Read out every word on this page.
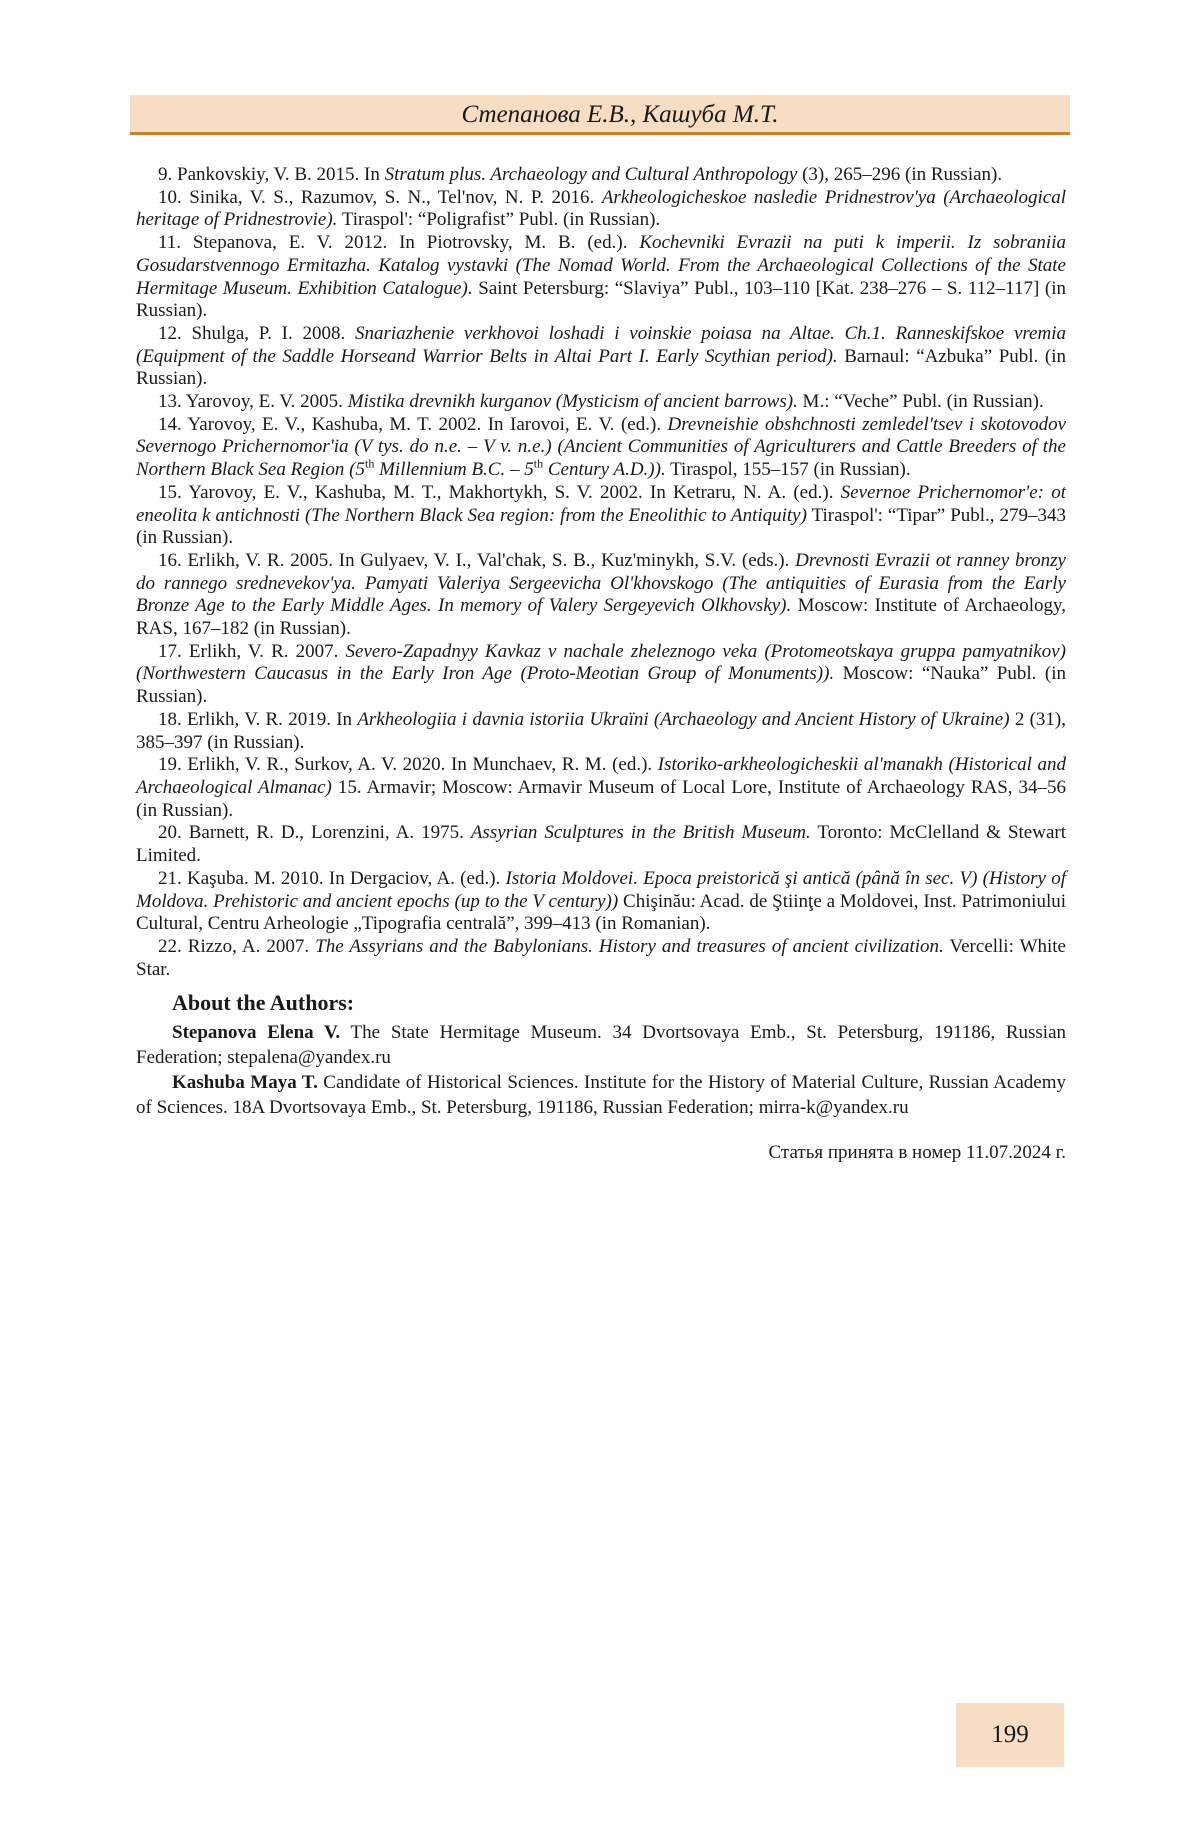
Степанова Е.В., Кашуба М.Т.

9. Pankovskiy, V. B. 2015. In Stratum plus. Archaeology and Cultural Anthropology (3), 265–296 (in Russian).

10. Sinika, V. S., Razumov, S. N., Tel'nov, N. P. 2016. Arkheologicheskoe nasledie Pridnestrov'ya (Archaeological heritage of Pridnestrovie). Tiraspol': “Poligrafist” Publ. (in Russian).

11. Stepanova, E. V. 2012. In Piotrovsky, M. B. (ed.). Kochevniki Evrazii na puti k imperii. Iz sobraniia Gosudarstvennogo Ermitazha. Katalog vystavki (The Nomad World. From the Archaeological Collections of the State Hermitage Museum. Exhibition Catalogue). Saint Petersburg: “Slaviya” Publ., 103–110 [Kat. 238–276 – S. 112–117] (in Russian).

12. Shulga, P. I. 2008. Snariazhenie verkhovoi loshadi i voinskie poiasa na Altae. Ch.1. Ranneskifskoe vremia (Equipment of the Saddle Horseand Warrior Belts in Altai Part I. Early Scythian period). Barnaul: “Azbuka” Publ. (in Russian).

13. Yarovoy, E. V. 2005. Mistika drevnikh kurganov (Mysticism of ancient barrows). M.: “Veche” Publ. (in Russian).

14. Yarovoy, E. V., Kashuba, M. T. 2002. In Iarovoi, E. V. (ed.). Drevneishie obshchnosti zemledel'tsev i skotovodov Severnogo Prichernomor'ia (V tys. do n.e. – V v. n.e.) (Ancient Communities of Agriculturers and Cattle Breeders of the Northern Black Sea Region (5th Millennium B.C. – 5th Century A.D.)). Tiraspol, 155–157 (in Russian).

15. Yarovoy, E. V., Kashuba, M. T., Makhortykh, S. V. 2002. In Ketraru, N. A. (ed.). Severnoe Prichernomor'e: ot eneolita k antichnosti (The Northern Black Sea region: from the Eneolithic to Antiquity) Tiraspol': “Tipar” Publ., 279–343 (in Russian).

16. Erlikh, V. R. 2005. In Gulyaev, V. I., Val'chak, S. B., Kuz'minykh, S.V. (eds.). Drevnosti Evrazii ot ranney bronzy do rannego srednevekov'ya. Pamyati Valeriya Sergeevicha Ol'khovskogo (The antiquities of Eurasia from the Early Bronze Age to the Early Middle Ages. In memory of Valery Sergeyevich Olkhovsky). Moscow: Institute of Archaeology, RAS, 167–182 (in Russian).

17. Erlikh, V. R. 2007. Severo-Zapadnyy Kavkaz v nachale zheleznogo veka (Protomeotskaya gruppa pamyatnikov) (Northwestern Caucasus in the Early Iron Age (Proto-Meotian Group of Monuments)). Moscow: “Nauka” Publ. (in Russian).

18. Erlikh, V. R. 2019. In Arkheologiia i davnia istoriia Ukraïni (Archaeology and Ancient History of Ukraine) 2 (31), 385–397 (in Russian).

19. Erlikh, V. R., Surkov, A. V. 2020. In Munchaev, R. M. (ed.). Istoriko-arkheologicheskii al'manakh (Historical and Archaeological Almanac) 15. Armavir; Moscow: Armavir Museum of Local Lore, Institute of Archaeology RAS, 34–56 (in Russian).

20. Barnett, R. D., Lorenzini, A. 1975. Assyrian Sculptures in the British Museum. Toronto: McClelland & Stewart Limited.

21. Kaşuba. M. 2010. In Dergaciov, A. (ed.). Istoria Moldovei. Epoca preistorică şi antică (până în sec. V) (History of Moldova. Prehistoric and ancient epochs (up to the V century)) Chişinău: Acad. de Ştiinţe a Moldovei, Inst. Patrimoniului Cultural, Centru Arheologie „Tipografia centrală”, 399–413 (in Romanian).

22. Rizzo, A. 2007. The Assyrians and the Babylonians. History and treasures of ancient civilization. Vercelli: White Star.

About the Authors:

Stepanova Elena V. The State Hermitage Museum. 34 Dvortsovaya Emb., St. Petersburg, 191186, Russian Federation; stepalena@yandex.ru

Kashuba Maya T. Candidate of Historical Sciences. Institute for the History of Material Culture, Russian Academy of Sciences. 18A Dvortsovaya Emb., St. Petersburg, 191186, Russian Federation; mirra-k@yandex.ru

Статья принята в номер 11.07.2024 г.
199
